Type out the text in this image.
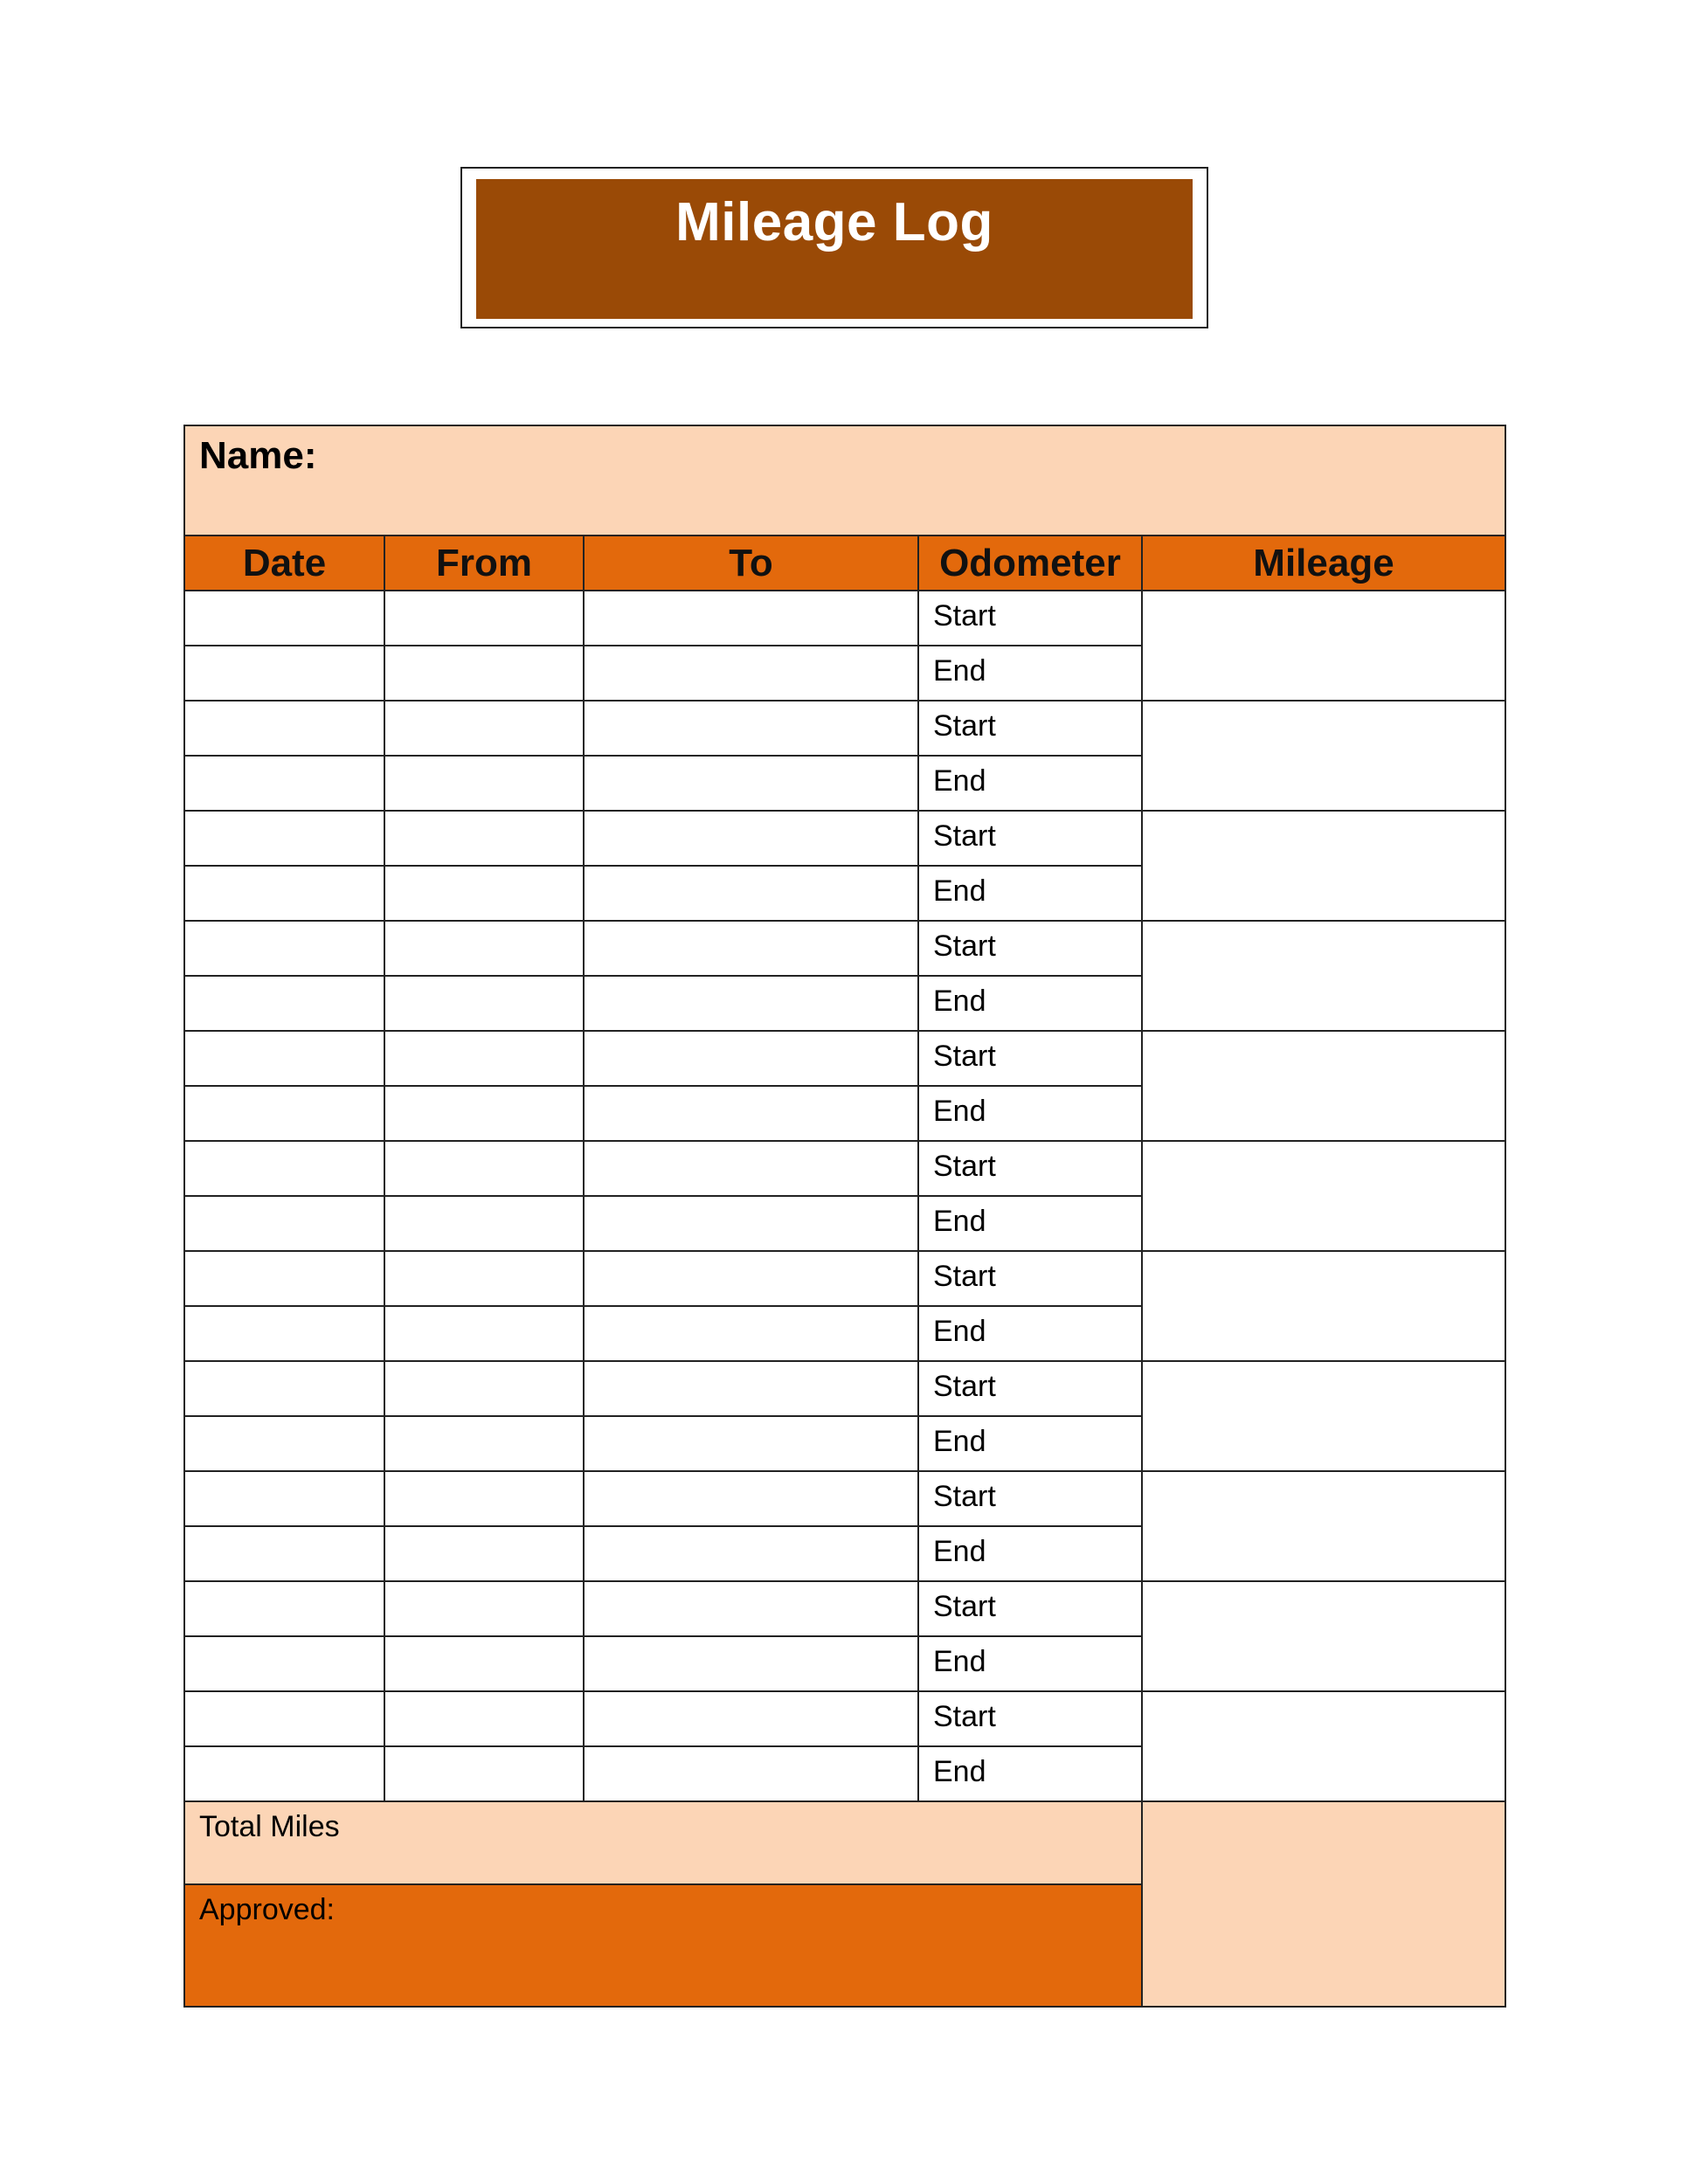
Mileage Log
Name:				

Date	From	To	Odometer	Mileage

			Start	

			End	

			Start	

			End	

			Start	

			End	

			Start	

			End	

			Start	

			End	

			Start	

			End	

			Start	

			End	

			Start	

			End	

			Start	

			End	

			Start	

			End	

			Start	

			End	

Total Miles				

Approved:				
